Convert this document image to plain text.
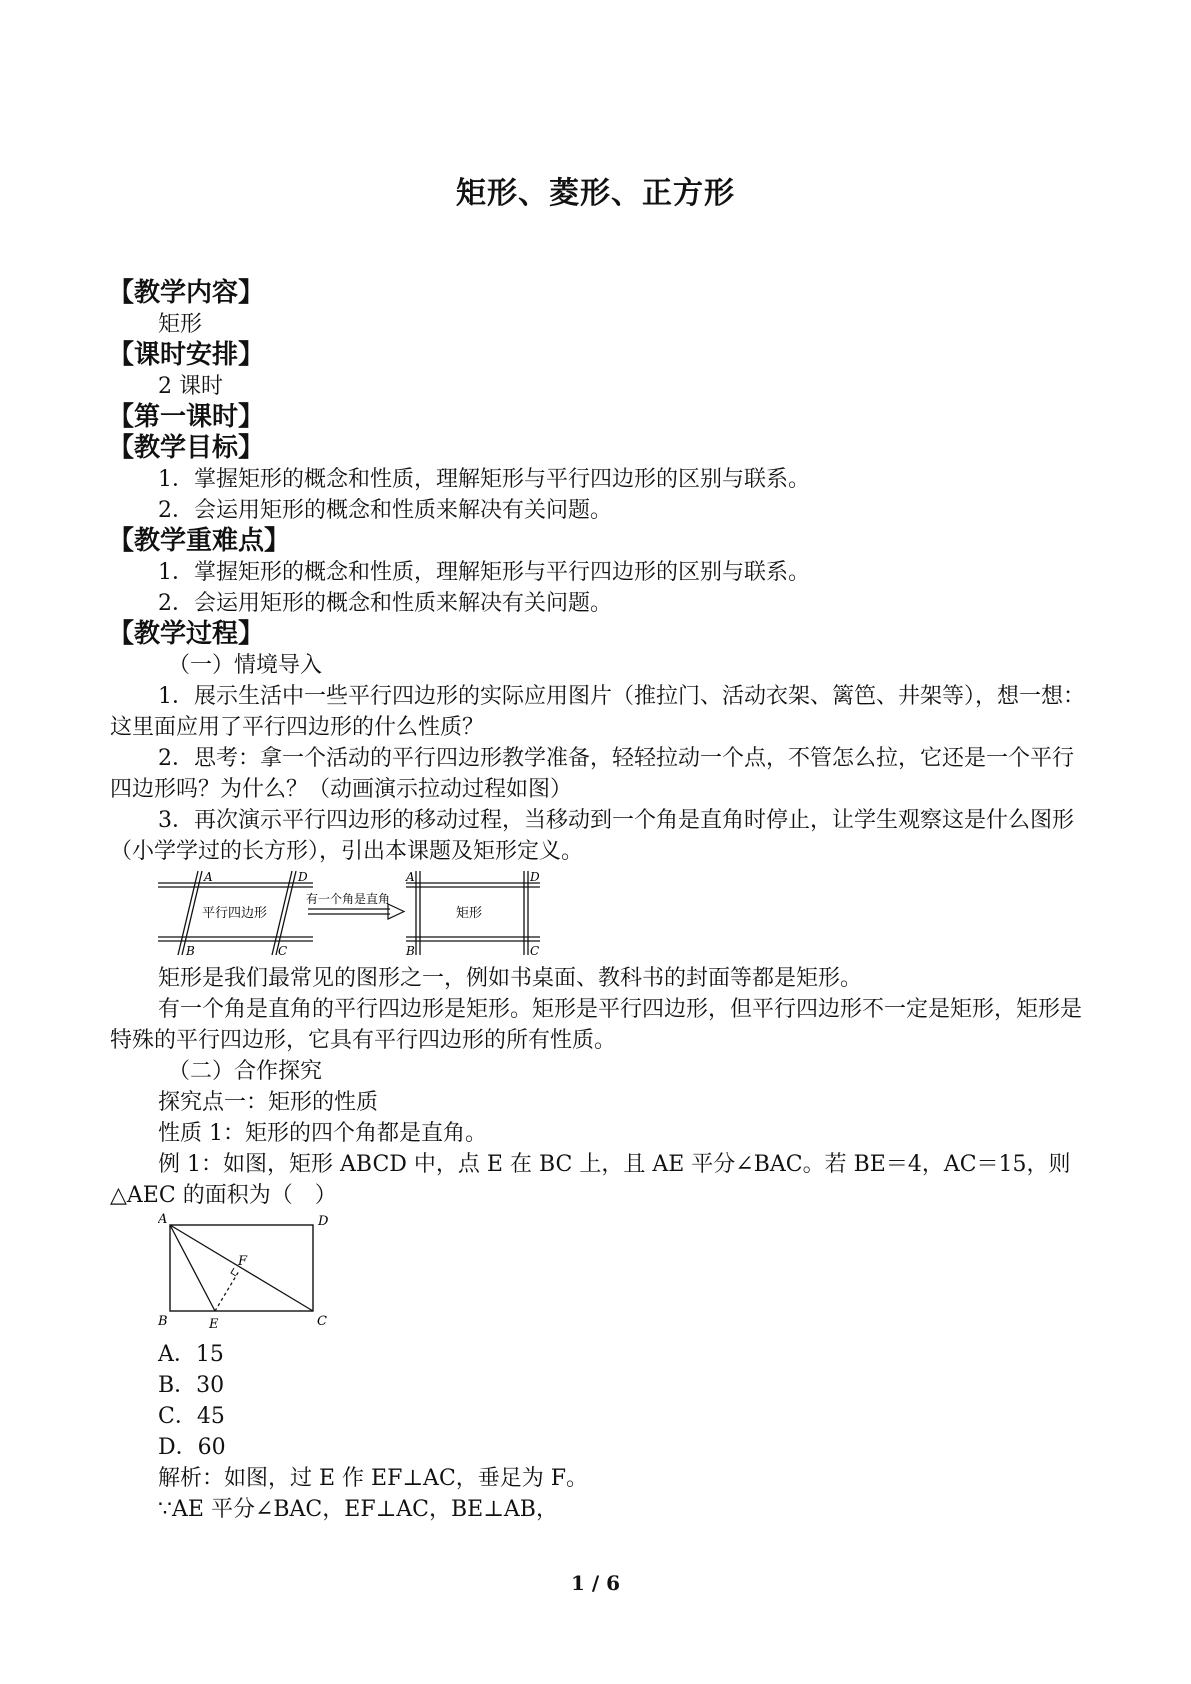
矩形、菱形、正方形
【教学内容】
矩形
【课时安排】
2 课时
【第一课时】
【教学目标】
1．掌握矩形的概念和性质，理解矩形与平行四边形的区别与联系。
2．会运用矩形的概念和性质来解决有关问题。
【教学重难点】
1．掌握矩形的概念和性质，理解矩形与平行四边形的区别与联系。
2．会运用矩形的概念和性质来解决有关问题。
【教学过程】
（一）情境导入
1．展示生活中一些平行四边形的实际应用图片（推拉门、活动衣架、篱笆、井架等），想一想：这里面应用了平行四边形的什么性质？
2．思考：拿一个活动的平行四边形教学准备，轻轻拉动一个点，不管怎么拉，它还是一个平行四边形吗？为什么？（动画演示拉动过程如图）
3．再次演示平行四边形的移动过程，当移动到一个角是直角时停止，让学生观察这是什么图形（小学学过的长方形），引出本课题及矩形定义。
A	D
B	C
平行四边形
有一个角是直角
A	D
B	C
矩形
矩形是我们最常见的图形之一，例如书桌面、教科书的封面等都是矩形。
有一个角是直角的平行四边形是矩形。矩形是平行四边形，但平行四边形不一定是矩形，矩形是特殊的平行四边形，它具有平行四边形的所有性质。
（二）合作探究
探究点一：矩形的性质
性质 1：矩形的四个角都是直角。
例 1：如图，矩形 ABCD 中，点 E 在 BC 上，且 AE 平分∠BAC。若 BE＝4，AC＝15，则△AEC 的面积为（　）
A	D
F
B	E	C
A．15
B．30
C．45
D．60
解析：如图，过 E 作 EF⊥AC，垂足为 F。
∵AE 平分∠BAC，EF⊥AC，BE⊥AB，
1 / 6
